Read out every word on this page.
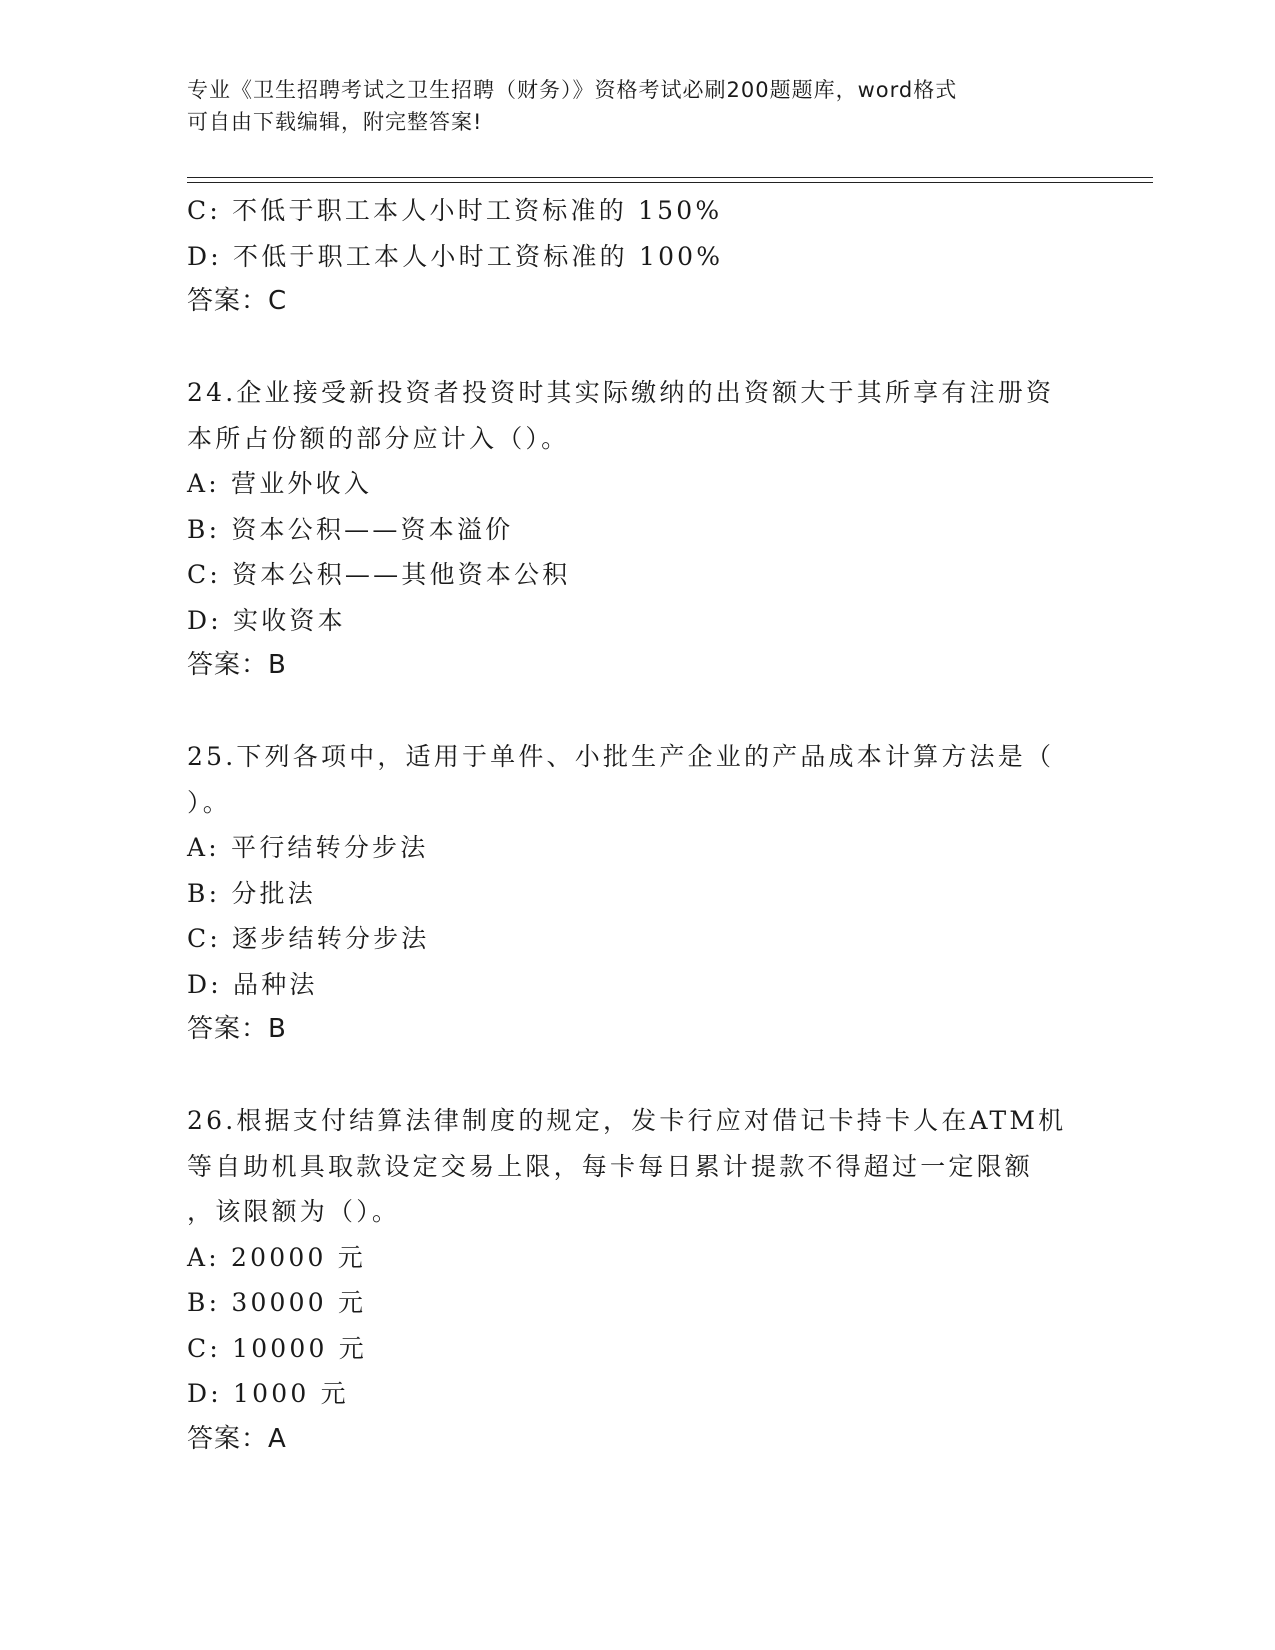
专业《卫生招聘考试之卫生招聘（财务）》资格考试必刷200题题库，word格式
可自由下载编辑，附完整答案!
C: 不低于职工本人小时工资标准的 150%
D: 不低于职工本人小时工资标准的 100%
答案：C
24.企业接受新投资者投资时其实际缴纳的出资额大于其所享有注册资
本所占份额的部分应计入（）。
A: 营业外收入
B: 资本公积——资本溢价
C: 资本公积——其他资本公积
D: 实收资本
答案：B
25.下列各项中，适用于单件、小批生产企业的产品成本计算方法是（
）。
A: 平行结转分步法
B: 分批法
C: 逐步结转分步法
D: 品种法
答案：B
26.根据支付结算法律制度的规定，发卡行应对借记卡持卡人在ATM机
等自助机具取款设定交易上限，每卡每日累计提款不得超过一定限额
，该限额为（）。
A: 20000 元
B: 30000 元
C: 10000 元
D: 1000 元
答案：A
